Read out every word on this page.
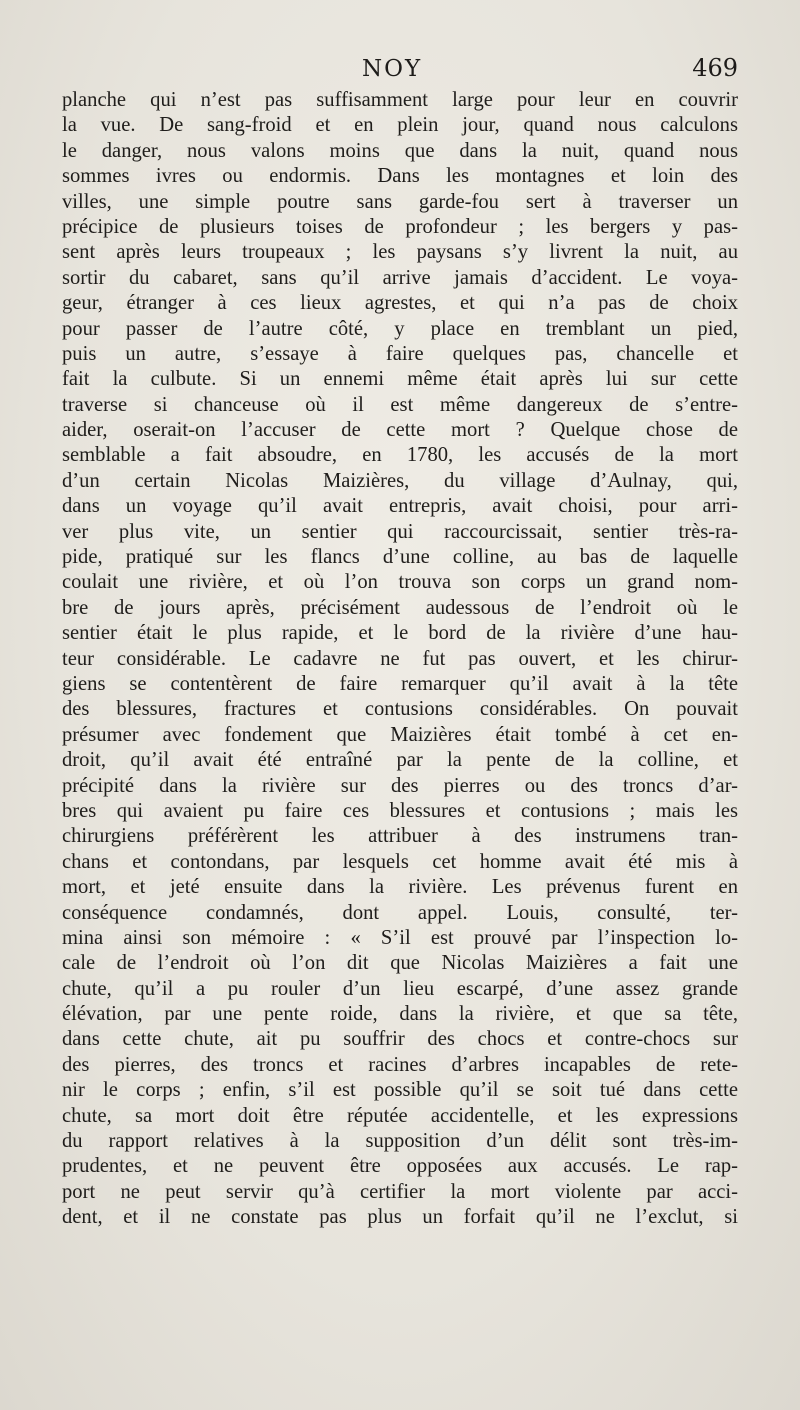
NOY	469
planche qui n’est pas suffisamment large pour leur en couvrir
la vue. De sang-froid et en plein jour, quand nous calculons
le danger, nous valons moins que dans la nuit, quand nous
sommes ivres ou endormis. Dans les montagnes et loin des
villes, une simple poutre sans garde-fou sert à traverser un
précipice de plusieurs toises de profondeur ; les bergers y pas-
sent après leurs troupeaux ; les paysans s’y livrent la nuit, au
sortir du cabaret, sans qu’il arrive jamais d’accident. Le voya-
geur, étranger à ces lieux agrestes, et qui n’a pas de choix
pour passer de l’autre côté, y place en tremblant un pied,
puis un autre, s’essaye à faire quelques pas, chancelle et
fait la culbute. Si un ennemi même était après lui sur cette
traverse si chanceuse où il est même dangereux de s’entre-
aider, oserait-on l’accuser de cette mort ? Quelque chose de
semblable a fait absoudre, en 1780, les accusés de la mort
d’un certain Nicolas Maizières, du village d’Aulnay, qui,
dans un voyage qu’il avait entrepris, avait choisi, pour arri-
ver plus vite, un sentier qui raccourcissait, sentier très-ra-
pide, pratiqué sur les flancs d’une colline, au bas de laquelle
coulait une rivière, et où l’on trouva son corps un grand nom-
bre de jours après, précisément audessous de l’endroit où le
sentier était le plus rapide, et le bord de la rivière d’une hau-
teur considérable. Le cadavre ne fut pas ouvert, et les chirur-
giens se contentèrent de faire remarquer qu’il avait à la tête
des blessures, fractures et contusions considérables. On pouvait
présumer avec fondement que Maizières était tombé à cet en-
droit, qu’il avait été entraîné par la pente de la colline, et
précipité dans la rivière sur des pierres ou des troncs d’ar-
bres qui avaient pu faire ces blessures et contusions ; mais les
chirurgiens préférèrent les attribuer à des instrumens tran-
chans et contondans, par lesquels cet homme avait été mis à
mort, et jeté ensuite dans la rivière. Les prévenus furent en
conséquence condamnés, dont appel. Louis, consulté, ter-
mina ainsi son mémoire : « S’il est prouvé par l’inspection lo-
cale de l’endroit où l’on dit que Nicolas Maizières a fait une
chute, qu’il a pu rouler d’un lieu escarpé, d’une assez grande
élévation, par une pente roide, dans la rivière, et que sa tête,
dans cette chute, ait pu souffrir des chocs et contre-chocs sur
des pierres, des troncs et racines d’arbres incapables de rete-
nir le corps ; enfin, s’il est possible qu’il se soit tué dans cette
chute, sa mort doit être réputée accidentelle, et les expressions
du rapport relatives à la supposition d’un délit sont très-im-
prudentes, et ne peuvent être opposées aux accusés. Le rap-
port ne peut servir qu’à certifier la mort violente par acci-
dent, et il ne constate pas plus un forfait qu’il ne l’exclut, si
